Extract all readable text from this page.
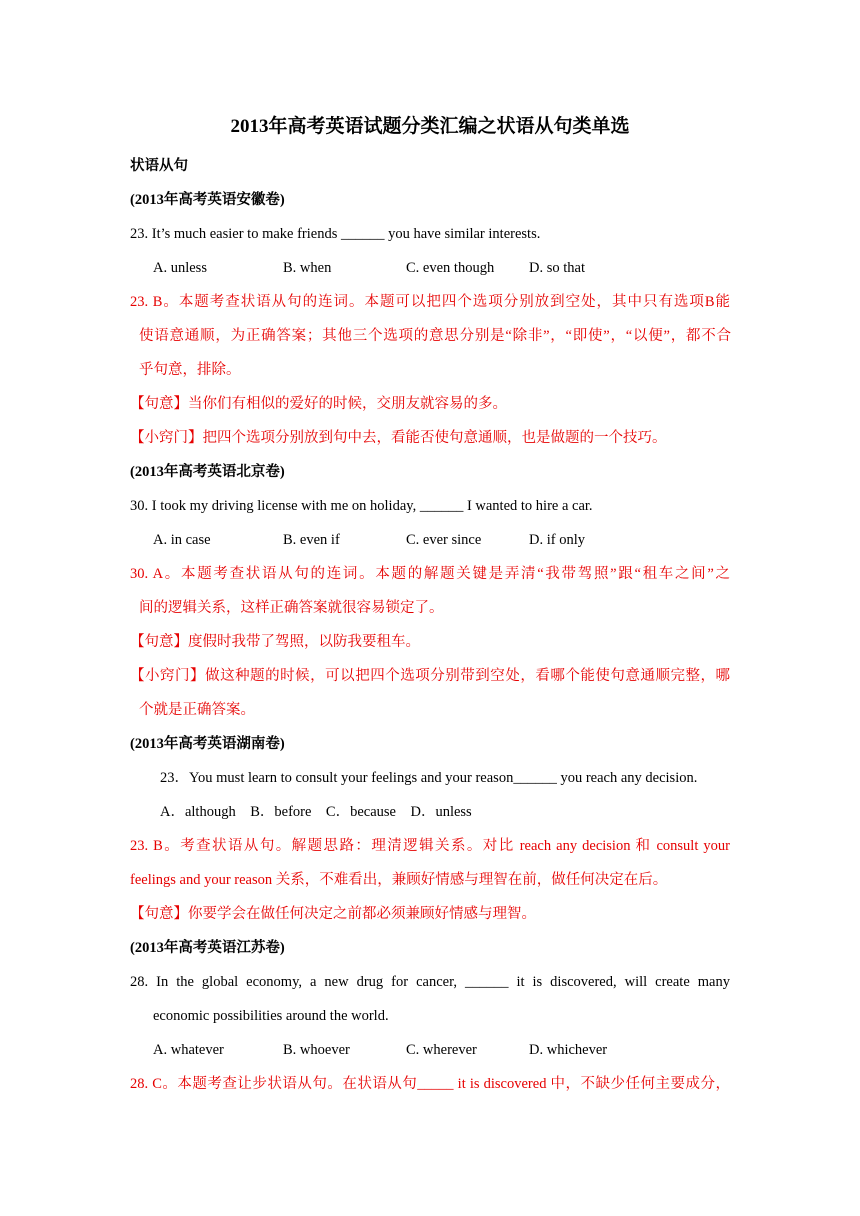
2013年高考英语试题分类汇编之状语从句类单选
状语从句
(2013年高考英语安徽卷)
23. It’s much easier to make friends ______ you have similar interests.
A. unless	B. when	C. even though D. so that
23. B。本题考查状语从句的连词。本题可以把四个选项分别放到空处，其中只有选项B能
使语意通顺，为正确答案；其他三个选项的意思分别是“除非”，“即使”，“以便”，都不合
乎句意，排除。
【句意】当你们有相似的爱好的时候，交朋友就容易的多。
【小窍门】把四个选项分别放到句中去，看能否使句意通顺，也是做题的一个技巧。
(2013年高考英语北京卷)
30. I took my driving license with me on holiday, ______ I wanted to hire a car.
A. in case	B. even if	C. ever since	D. if only
30. A。本题考查状语从句的连词。本题的解题关键是弄清“我带驾照”跟“租车之间”之
间的逻辑关系，这样正确答案就很容易锁定了。
【句意】度假时我带了驾照，以防我要租车。
【小窍门】做这种题的时候，可以把四个选项分别带到空处，看哪个能使句意通顺完整，哪
个就是正确答案。
(2013年高考英语湖南卷)
23．You must learn to consult your feelings and your reason______ you reach any decision.
A．although　B．before　C．because　D．unless
23. B。考查状语从句。解题思路：理清逻辑关系。对比 reach any decision 和 consult your
feelings and your reason 关系，不难看出，兼顾好情感与理智在前，做任何决定在后。
【句意】你要学会在做任何决定之前都必须兼顾好情感与理智。
(2013年高考英语江苏卷)
28. In the global economy, a new drug for cancer, ______ it is discovered, will create many
economic possibilities around the world.
A. whatever	B. whoever	C. wherever	D. whichever
28. C。本题考查让步状语从句。在状语从句_____ it is discovered 中，不缺少任何主要成分，
